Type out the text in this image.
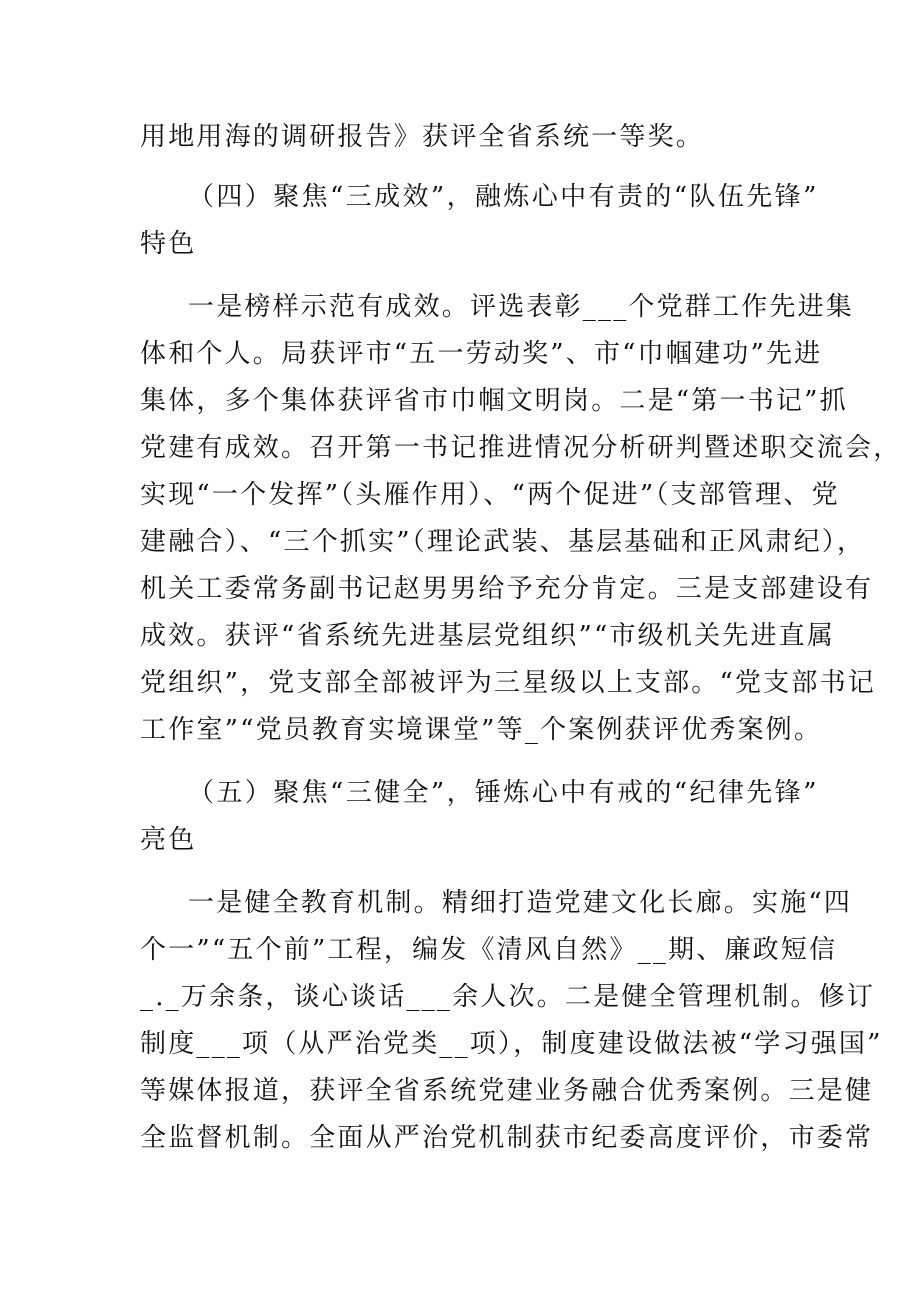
用地用海的调研报告》获评全省系统一等奖。
（四）聚焦“三成效”，融炼心中有责的“队伍先锋”
特色
一是榜样示范有成效。评选表彰___个党群工作先进集
体和个人。局获评市“五一劳动奖”、市“巾帼建功”先进
集体，多个集体获评省市巾帼文明岗。二是“第一书记”抓
党建有成效。召开第一书记推进情况分析研判暨述职交流会，
实现“一个发挥”（头雁作用）、“两个促进”（支部管理、党
建融合）、“三个抓实”（理论武装、基层基础和正风肃纪），
机关工委常务副书记赵男男给予充分肯定。三是支部建设有
成效。获评“省系统先进基层党组织”“市级机关先进直属
党组织”，党支部全部被评为三星级以上支部。“党支部书记
工作室”“党员教育实境课堂”等_个案例获评优秀案例。
（五）聚焦“三健全”，锤炼心中有戒的“纪律先锋”
亮色
一是健全教育机制。精细打造党建文化长廊。实施“四
个一”“五个前”工程，编发《清风自然》__期、廉政短信
_._万余条，谈心谈话___余人次。二是健全管理机制。修订
制度___项（从严治党类__项），制度建设做法被“学习强国”
等媒体报道，获评全省系统党建业务融合优秀案例。三是健
全监督机制。全面从严治党机制获市纪委高度评价，市委常
